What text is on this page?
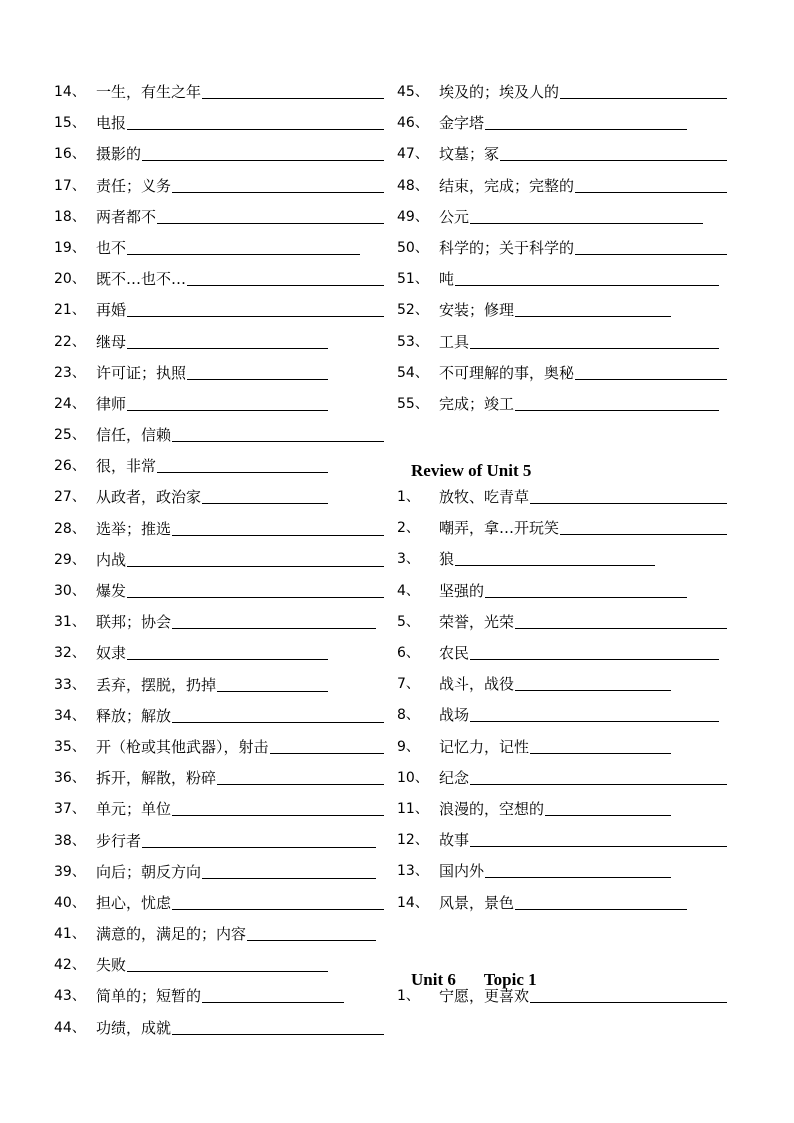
14、 一生，有生之年
15、 电报
16、 摄影的
17、 责任；义务
18、 两者都不
19、 也不
20、 既不…也不…
21、 再婚
22、 继母
23、 许可证；执照
24、 律师
25、 信任，信赖
26、 很，非常
27、 从政者，政治家
28、 选举；推选
29、 内战
30、 爆发
31、 联邦；协会
32、 奴隶
33、 丢弃，摆脱，扔掉
34、 释放；解放
35、 开（枪或其他武器），射击
36、 拆开，解散，粉碎
37、 单元；单位
38、 步行者
39、 向后；朝反方向
40、 担心，忧虑
41、 满意的，满足的；内容
42、 失败
43、 简单的；短暂的
44、 功绩，成就
45、 埃及的；埃及人的
46、 金字塔
47、 坟墓；冢
48、 结束，完成；完整的
49、 公元
50、 科学的；关于科学的
51、 吨
52、 安装；修理
53、 工具
54、 不可理解的事，奥秘
55、 完成；竣工
1、	放牧、吃青草
2、	嘲弄，拿…开玩笑
3、	狼
4、	坚强的
5、	荣誉，光荣
6、	农民
7、	战斗，战役
8、	战场
9、	记忆力，记性
10、 纪念
11、 浪漫的，空想的
12、 故事
13、 国内外
14、 风景，景色
1、	宁愿，更喜欢
Review of Unit 5
Unit 6 Topic 1
